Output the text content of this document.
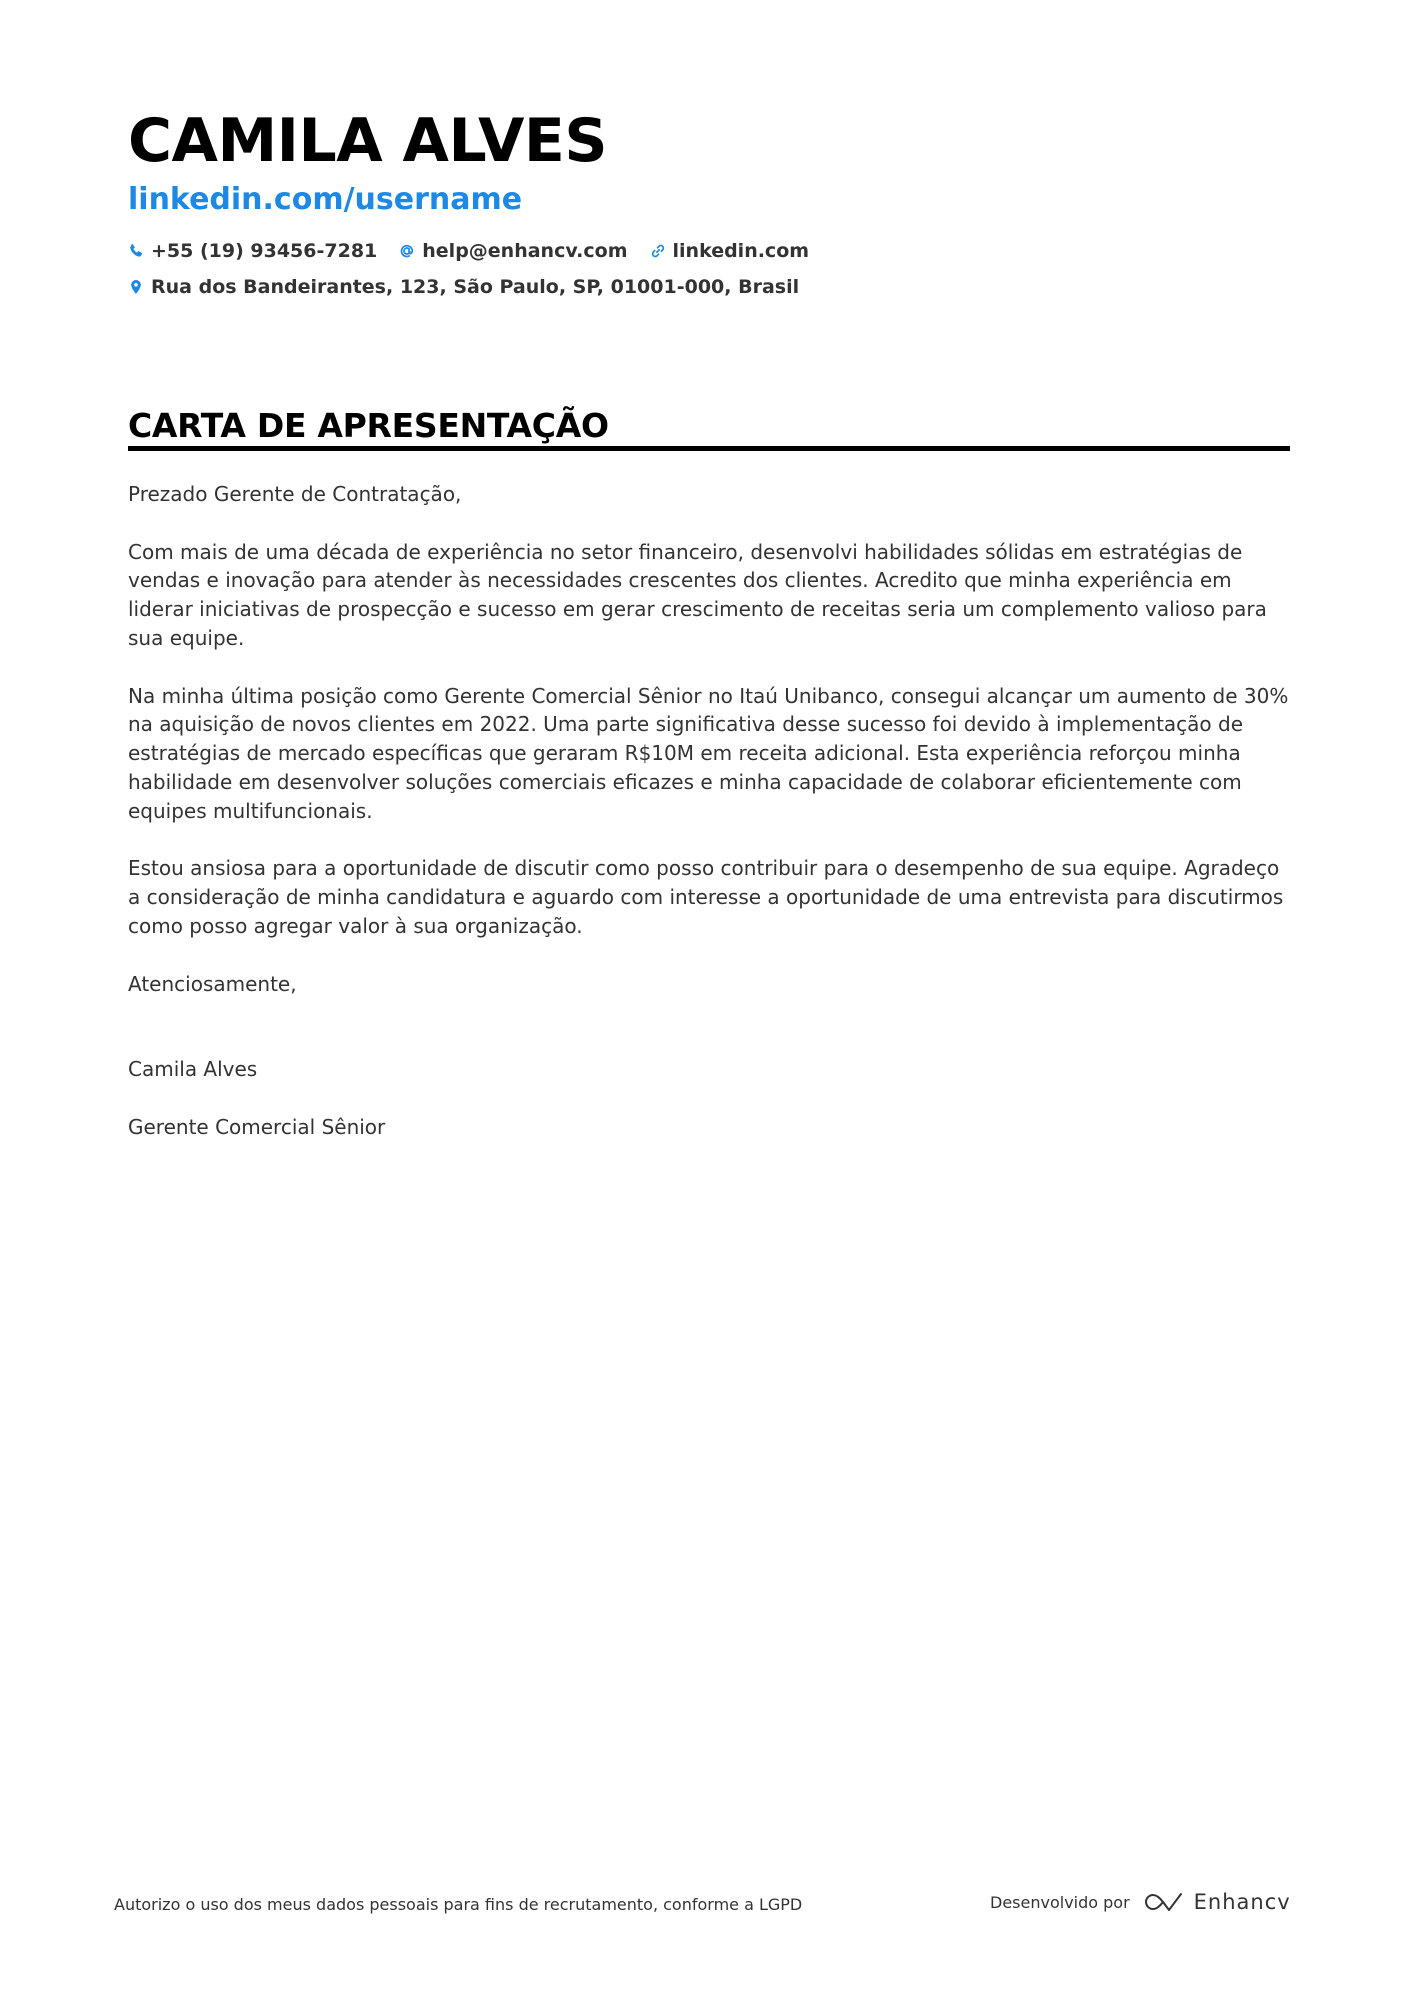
CAMILA ALVES
linkedin.com/username
+55 (19) 93456-7281 help@enhancv.com linkedin.com
Rua dos Bandeirantes, 123, São Paulo, SP, 01001-000, Brasil
CARTA DE APRESENTAÇÃO

Prezado Gerente de Contratação,

Com mais de uma década de experiência no setor financeiro, desenvolvi habilidades sólidas em estratégias de vendas e inovação para atender às necessidades crescentes dos clientes. Acredito que minha experiência em liderar iniciativas de prospecção e sucesso em gerar crescimento de receitas seria um complemento valioso para sua equipe.

Na minha última posição como Gerente Comercial Sênior no Itaú Unibanco, consegui alcançar um aumento de 30% na aquisição de novos clientes em 2022. Uma parte significativa desse sucesso foi devido à implementação de estratégias de mercado específicas que geraram R$10M em receita adicional. Esta experiência reforçou minha habilidade em desenvolver soluções comerciais eficazes e minha capacidade de colaborar eficientemente com equipes multifuncionais.

Estou ansiosa para a oportunidade de discutir como posso contribuir para o desempenho de sua equipe. Agradeço a consideração de minha candidatura e aguardo com interesse a oportunidade de uma entrevista para discutirmos como posso agregar valor à sua organização.

Atenciosamente,

Camila Alves

Gerente Comercial Sênior

Autorizo o uso dos meus dados pessoais para fins de recrutamento, conforme a LGPD	Desenvolvido por	Enhancv
